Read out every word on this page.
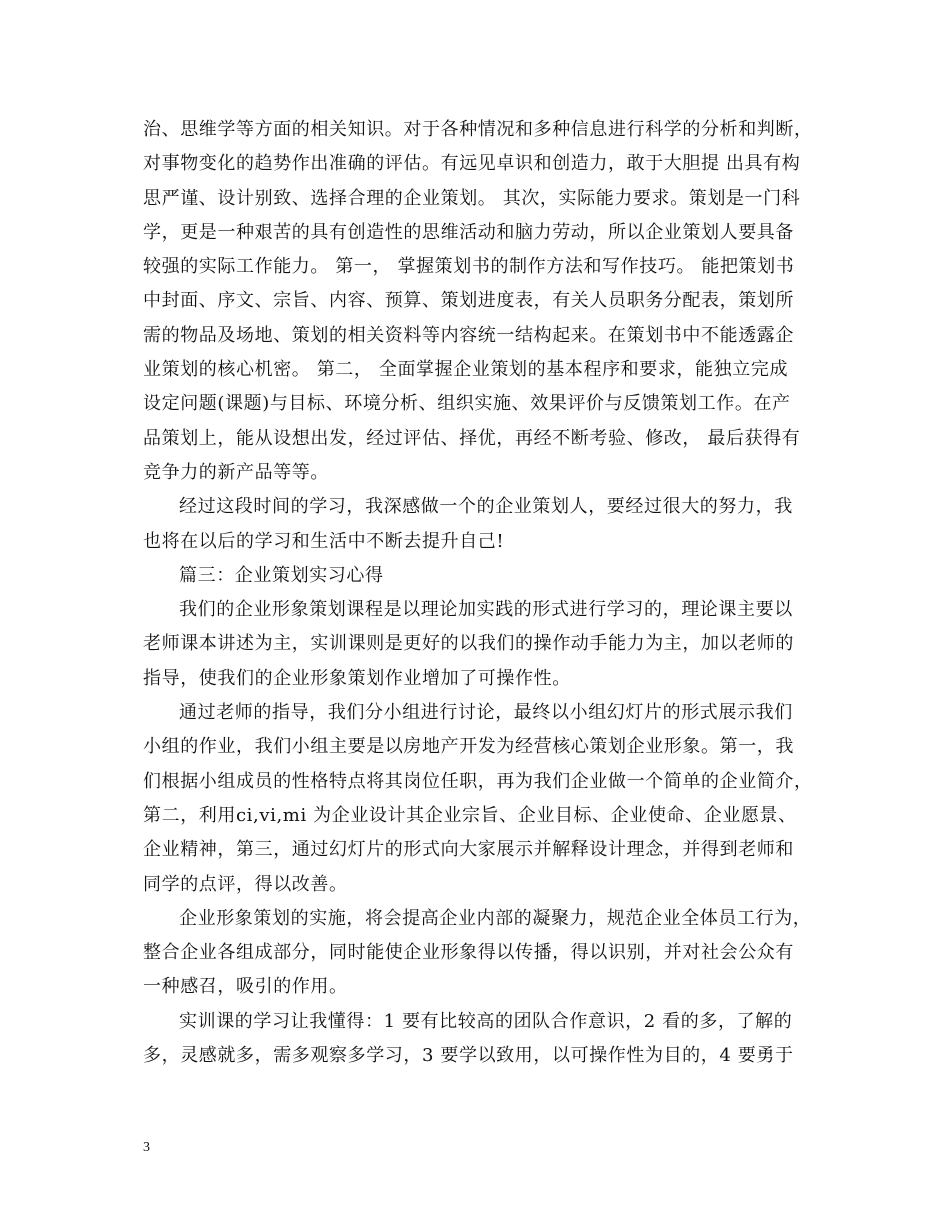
治、思维学等方面的相关知识。对于各种情况和多种信息进行科学的分析和判断，
对事物变化的趋势作出准确的评估。有远见卓识和创造力，敢于大胆提 出具有构
思严谨、设计别致、选择合理的企业策划。 其次，实际能力要求。策划是一门科
学，更是一种艰苦的具有创造性的思维活动和脑力劳动，所以企业策划人要具备
较强的实际工作能力。 第一， 掌握策划书的制作方法和写作技巧。 能把策划书
中封面、序文、宗旨、内容、预算、策划进度表，有关人员职务分配表，策划所
需的物品及场地、策划的相关资料等内容统一结构起来。在策划书中不能透露企
业策划的核心机密。 第二， 全面掌握企业策划的基本程序和要求，能独立完成
设定问题(课题)与目标、环境分析、组织实施、效果评价与反馈策划工作。在产
品策划上，能从设想出发，经过评估、择优，再经不断考验、修改， 最后获得有
竞争力的新产品等等。
经过这段时间的学习，我深感做一个的企业策划人，要经过很大的努力，我
也将在以后的学习和生活中不断去提升自己!
篇三：企业策划实习心得
我们的企业形象策划课程是以理论加实践的形式进行学习的，理论课主要以
老师课本讲述为主，实训课则是更好的以我们的操作动手能力为主，加以老师的
指导，使我们的企业形象策划作业增加了可操作性。
通过老师的指导，我们分小组进行讨论，最终以小组幻灯片的形式展示我们
小组的作业，我们小组主要是以房地产开发为经营核心策划企业形象。第一，我
们根据小组成员的性格特点将其岗位任职，再为我们企业做一个简单的企业简介，
第二，利用ci,vi,mi 为企业设计其企业宗旨、企业目标、企业使命、企业愿景、
企业精神，第三，通过幻灯片的形式向大家展示并解释设计理念，并得到老师和
同学的点评，得以改善。
企业形象策划的实施，将会提高企业内部的凝聚力，规范企业全体员工行为，
整合企业各组成部分，同时能使企业形象得以传播，得以识别，并对社会公众有
一种感召，吸引的作用。
实训课的学习让我懂得：1 要有比较高的团队合作意识，2 看的多，了解的
多，灵感就多，需多观察多学习，3 要学以致用，以可操作性为目的，4 要勇于
3
